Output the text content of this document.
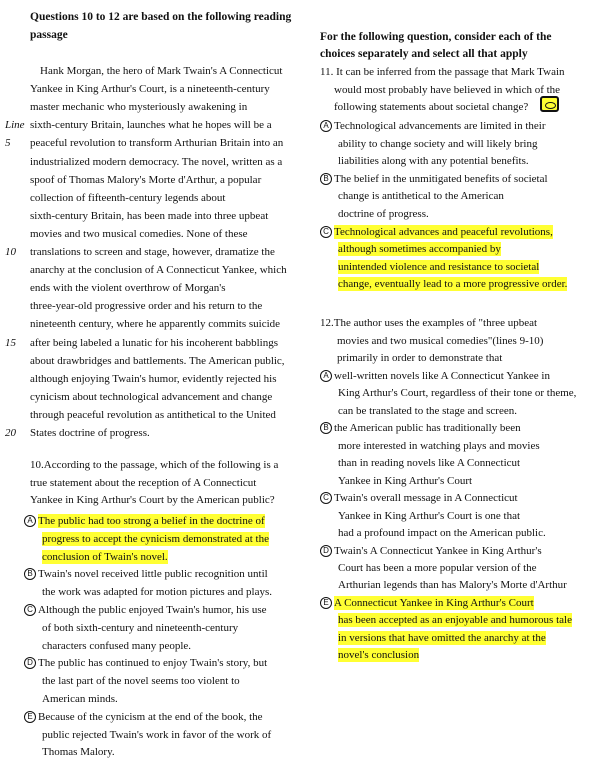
Questions 10 to 12 are based on the following reading
passage
Hank Morgan, the hero of Mark Twain's A Connecticut
Yankee in King Arthur's Court, is a nineteenth-century
master mechanic who mysteriously awakening in
Line sixth-century Britain, launches what he hopes will be a
5 peaceful revolution to transform Arthurian Britain into an
industrialized modern democracy. The novel, written as a
spoof of Thomas Malory's Morte d'Arthur, a popular
collection of fifteenth-century legends about
sixth-century Britain, has been made into three upbeat
movies and two musical comedies. None of these
10 translations to screen and stage, however, dramatize the
anarchy at the conclusion of A Connecticut Yankee, which
ends with the violent overthrow of Morgan's
three-year-old progressive order and his return to the
nineteenth century, where he apparently commits suicide
15 after being labeled a lunatic for his incoherent babblings
about drawbridges and battlements. The American public,
although enjoying Twain's humor, evidently rejected his
cynicism about technological advancement and change
through peaceful revolution as antithetical to the United
20 States doctrine of progress.
10.According to the passage, which of the following is a
true statement about the reception of A Connecticut
Yankee in King Arthur's Court by the American public?
The public had too strong a belief in the doctrine of
A
progress to accept the cynicism demonstrated at the
conclusion of Twain's novel.
Twain's novel received little public recognition until
B
the work was adapted for motion pictures and plays.
Although the public enjoyed Twain's humor, his use
C
of both sixth-century and nineteenth-century
characters confused many people.
The public has continued to enjoy Twain's story, but
D
the last part of the novel seems too violent to
American minds.
Because of the cynicism at the end of the book, the
E
public rejected Twain's work in favor of the work of
Thomas Malory.
For the following question, consider each of the
choices separately and select all that apply
11. It can be inferred from the passage that Mark Twain
would most probably have believed in which of the
following statements about societal change?
Technological advancements are limited in their
A
ability to change society and will likely bring
liabilities along with any potential benefits.
The belief in the unmitigated benefits of societal
B
change is antithetical to the American
doctrine of progress.
Technological advances and peaceful revolutions,
C
although sometimes accompanied by
unintended violence and resistance to societal
change, eventually lead to a more progressive order.
12.The author uses the examples of "three upbeat
movies and two musical comedies"(lines 9-10)
primarily in order to demonstrate that
well-written novels like A Connecticut Yankee in
A
King Arthur's Court, regardless of their tone or theme,
can be translated to the stage and screen.
the American public has traditionally been
B
more interested in watching plays and movies
than in reading novels like A Connecticut
Yankee in King Arthur's Court
Twain's overall message in A Connecticut
C
Yankee in King Arthur's Court is one that
had a profound impact on the American public.
Twain's A Connecticut Yankee in King Arthur's
D
Court has been a more popular version of the
Arthurian legends than has Malory's Morte d'Arthur
A Connecticut Yankee in King Arthur's Court
E
has been accepted as an enjoyable and humorous tale
in versions that have omitted the anarchy at the
novel's conclusion
